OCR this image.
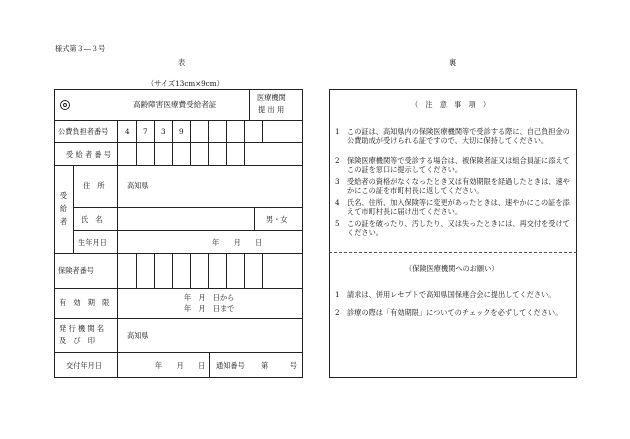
様式第３―３号
表	裏
（サイズ13cm×9cm）
高齢障害医療費受給者証
医療機関
提 出 用
公費負担者番号 4 7 3 9
受 給 者 番 号
受
給
者
住　所	高知県
氏　名	男・女
生年月日	年　　月　　日
保険者番号
有　効　期　限
年　月　日から
年　月　日まで
発 行 機 関 名
及　び　印
高知県
交付年月日	年　　月　　日 通知番号 第　　　号
（　注　意　事　項　）
1 この証は、高知県内の保険医療機関等で受診する際に、自己負担金の公費助成が受けられる証ですので、大切に保持してください。
2 保険医療機関等で受診する場合は、被保険者証又は組合員証に添えてこの証を窓口に提示してください。
3 受給者の資格がなくなったとき又は有効期限を経過したときは、速やかにこの証を市町村長に返してください。
4 氏名、住所、加入保険等に変更があったときは、速やかにこの証を添えて市町村長に届け出てください。
5 この証を破ったり、汚したり、又は失ったときには、再交付を受けてください。
（保険医療機関へのお願い）
1 請求は、併用レセプトで高知県国保連合会に提出してください。
2 診療の際は「有効期限」についてのチェックを必ずしてください。
